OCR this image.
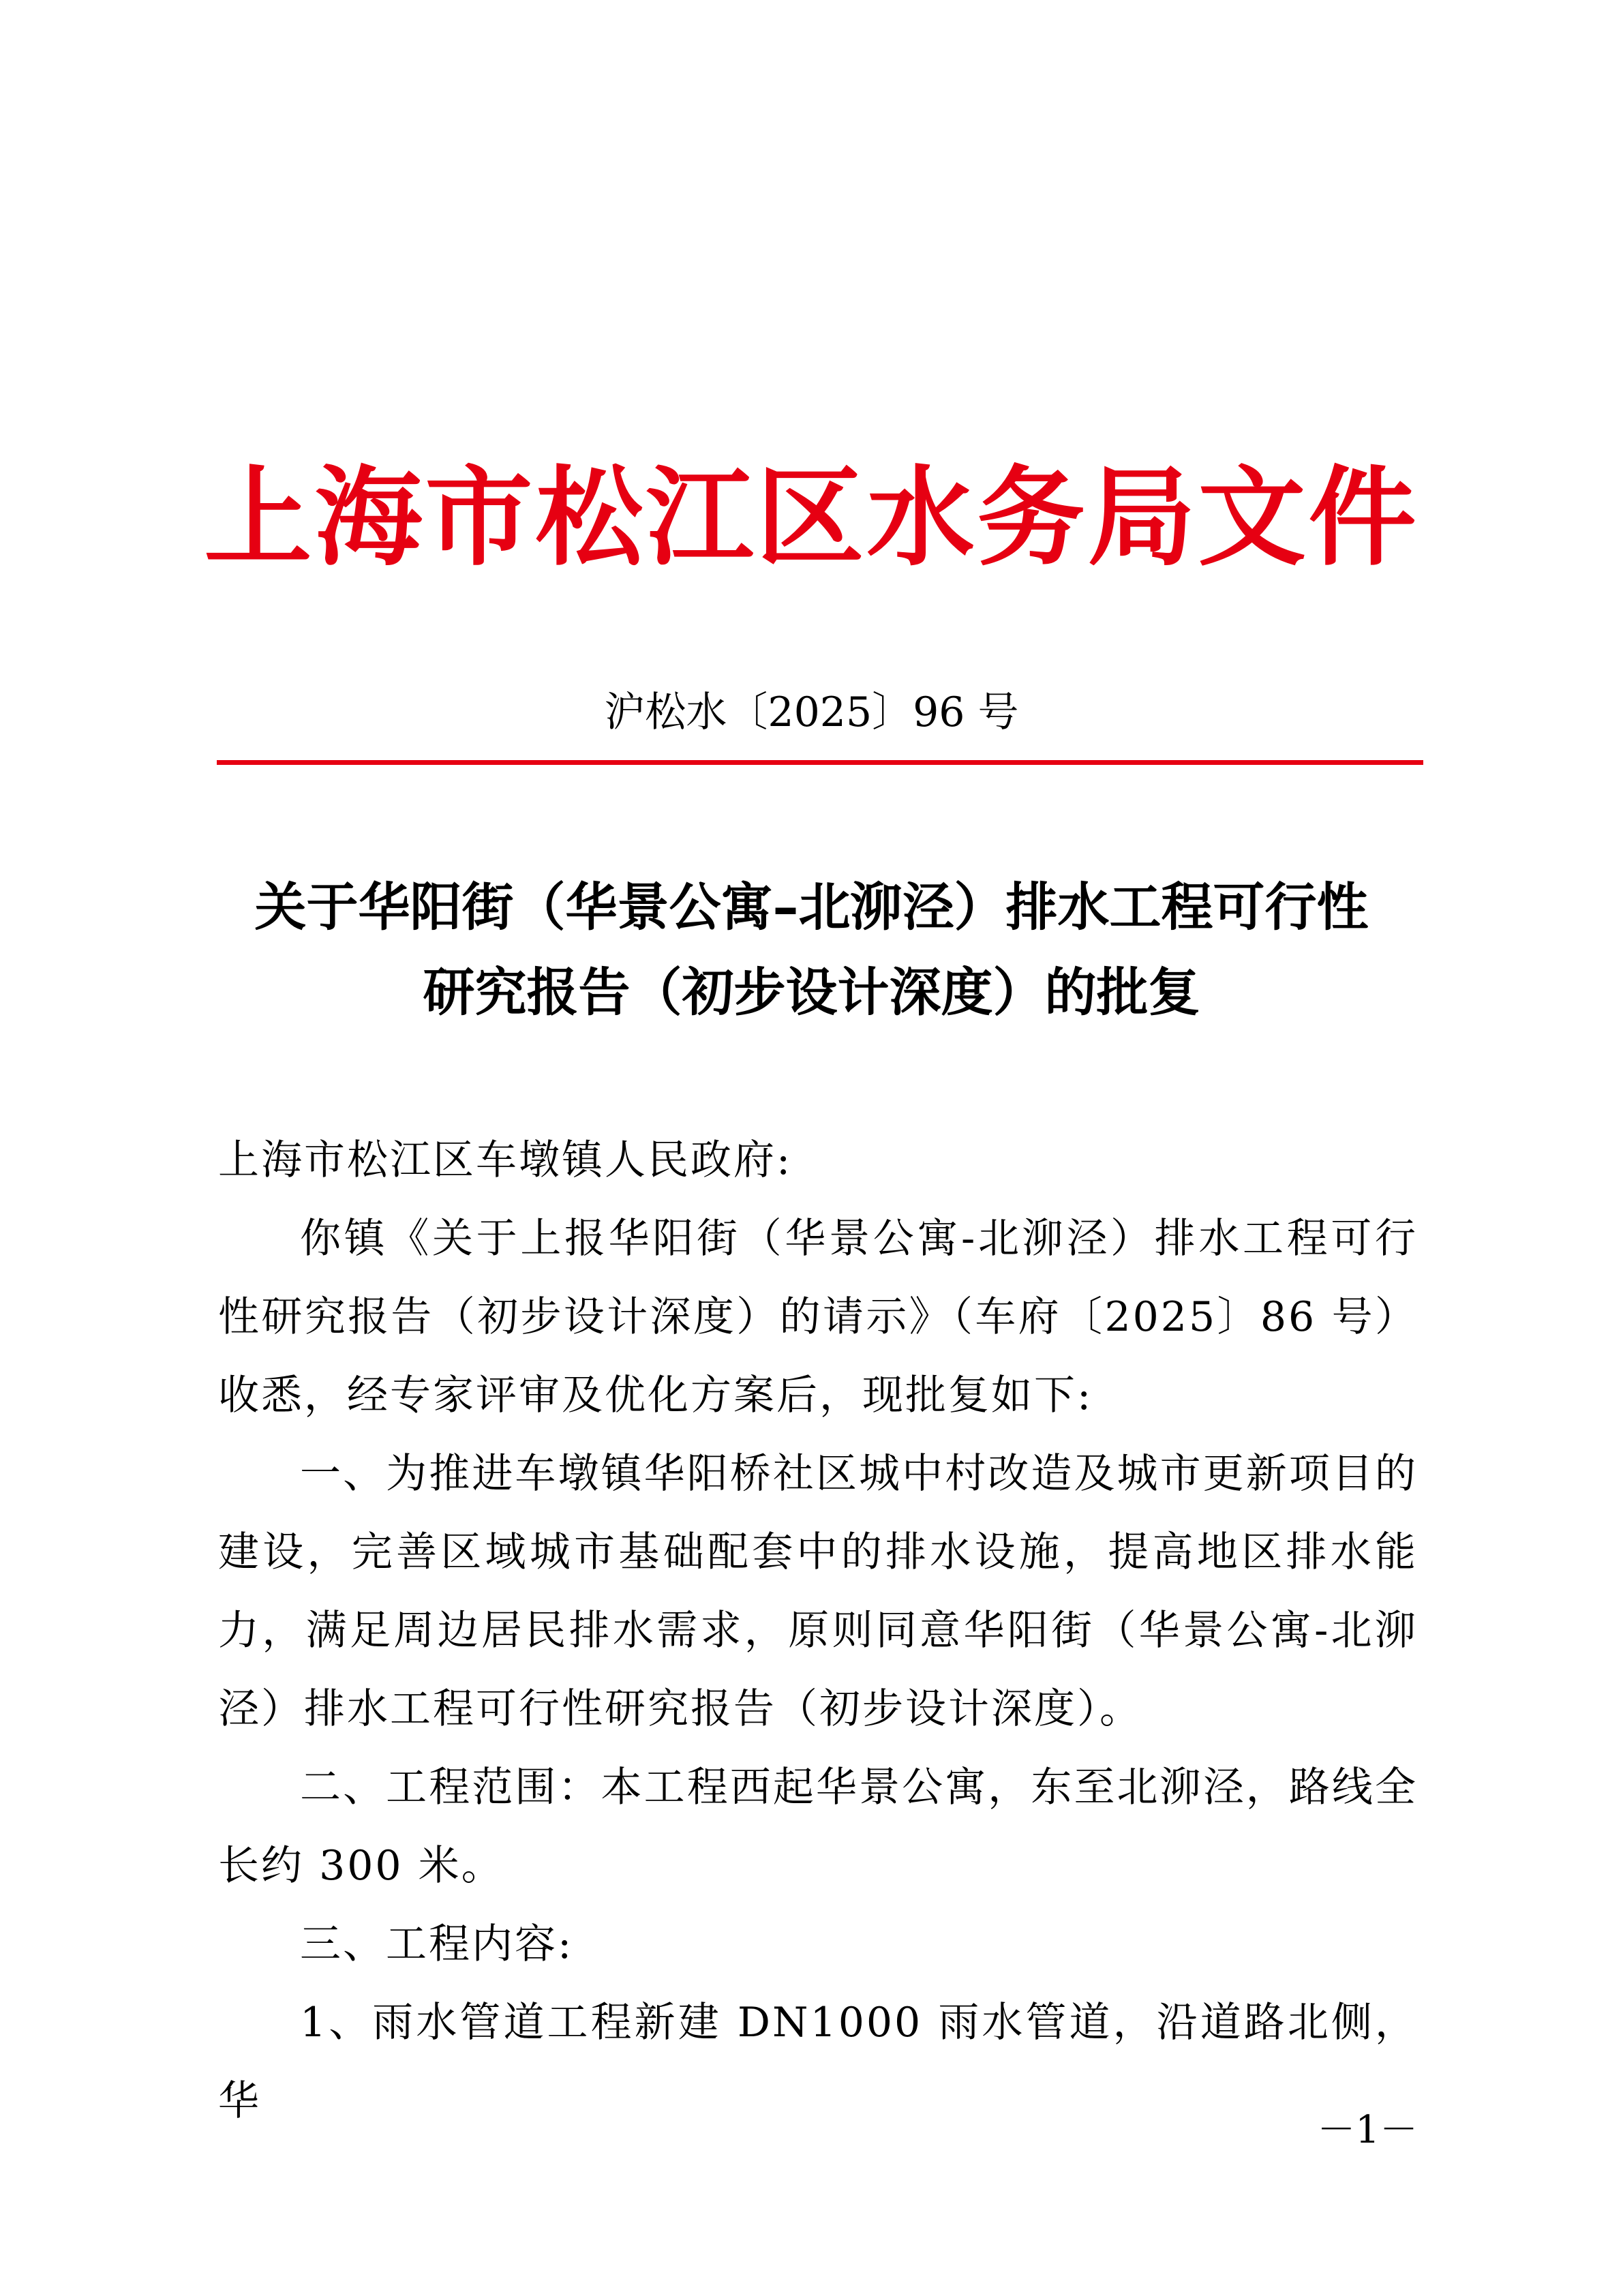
上海市松江区水务局文件
沪松水〔2025〕96 号
关于华阳街（华景公寓–北泖泾）排水工程可行性
研究报告（初步设计深度）的批复

上海市松江区车墩镇人民政府:

你镇《关于上报华阳街（华景公寓-北泖泾）排水工程可行性研究报告（初步设计深度）的请示》（车府〔2025〕86 号）收悉，经专家评审及优化方案后，现批复如下:

一、为推进车墩镇华阳桥社区城中村改造及城市更新项目的建设，完善区域城市基础配套中的排水设施，提高地区排水能力，满足周边居民排水需求，原则同意华阳街（华景公寓-北泖泾）排水工程可行性研究报告（初步设计深度）。

二、工程范围：本工程西起华景公寓，东至北泖泾，路线全长约 300 米。

三、工程内容:

1、雨水管道工程新建 DN1000 雨水管道，沿道路北侧，华

－1－
